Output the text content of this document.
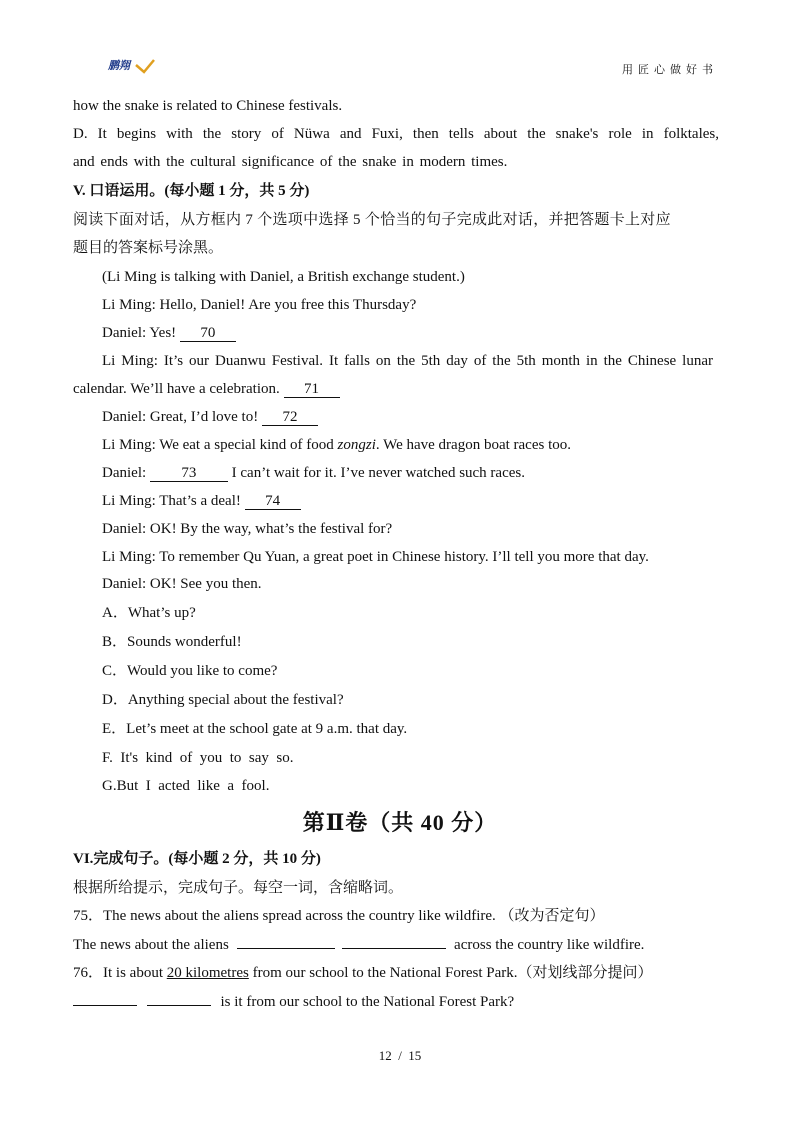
鹏翔	用匠心做好书
how the snake is related to Chinese festivals.
D. It begins with the story of Nüwa and Fuxi, then tells about the snake's role in folktales,
and ends with the cultural significance of the snake in modern times.
V. 口语运用。(每小题 1 分，共 5 分)
阅读下面对话，从方框内 7 个选项中选择 5 个恰当的句子完成此对话，并把答题卡上对应
题目的答案标号涂黑。
(Li Ming is talking with Daniel, a British exchange student.)
Li Ming: Hello, Daniel! Are you free this Thursday?
Daniel: Yes! 70
Li Ming: It’s our Duanwu Festival. It falls on the 5th day of the 5th month in the Chinese lunar
calendar. We’ll have a celebration. 71
Daniel: Great, I’d love to! 72
Li Ming: We eat a special kind of food zongzi. We have dragon boat races too.
Daniel: 73 I can’t wait for it. I’ve never watched such races.
Li Ming: That’s a deal! 74
Daniel: OK! By the way, what’s the festival for?
Li Ming: To remember Qu Yuan, a great poet in Chinese history. I’ll tell you more that day.
Daniel: OK! See you then.
A．What’s up?
B．Sounds wonderful!
C．Would you like to come?
D．Anything special about the festival?
E．Let’s meet at the school gate at 9 a.m. that day.
F.  It's  kind  of  you  to  say  so.
G.But  I  acted  like  a  fool.
第Ⅱ卷（共 40 分）
VI.完成句子。(每小题 2 分，共 10 分)
根据所给提示，完成句子。每空一词，含缩略词。
75．The news about the aliens spread across the country like wildfire. （改为否定句）
The news about the aliens	across the country like wildfire.
76．It is about 20 kilometres from our school to the National Forest Park.（对划线部分提问）
is it from our school to the National Forest Park?
12  /  15
